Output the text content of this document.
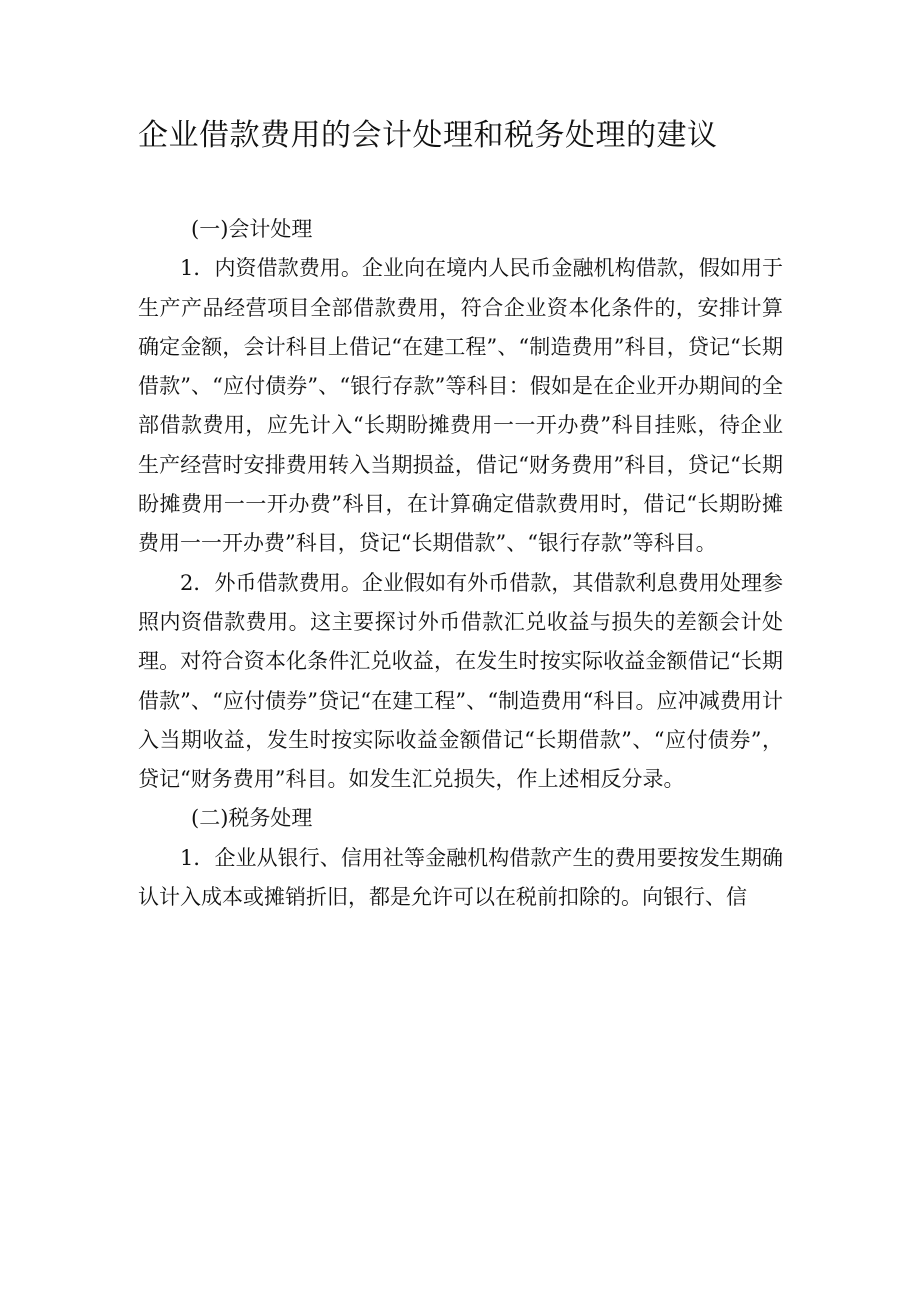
企业借款费用的会计处理和税务处理的建议

(一)会计处理

1．内资借款费用。企业向在境内人民币金融机构借款，假如用于生产产品经营项目全部借款费用，符合企业资本化条件的，安排计算确定金额，会计科目上借记“在建工程”、“制造费用”科目，贷记“长期借款”、“应付债券”、“银行存款”等科目：假如是在企业开办期间的全部借款费用，应先计入“长期盼摊费用一一开办费”科目挂账，待企业生产经营时安排费用转入当期损益，借记“财务费用”科目，贷记“长期盼摊费用一一开办费”科目，在计算确定借款费用时，借记“长期盼摊费用一一开办费”科目，贷记“长期借款”、“银行存款”等科目。

2．外币借款费用。企业假如有外币借款，其借款利息费用处理参照内资借款费用。这主要探讨外币借款汇兑收益与损失的差额会计处理。对符合资本化条件汇兑收益，在发生时按实际收益金额借记“长期借款”、“应付债券”贷记“在建工程”、“制造费用“科目。应冲减费用计入当期收益，发生时按实际收益金额借记“长期借款”、“应付债券”，贷记“财务费用”科目。如发生汇兑损失，作上述相反分录。

(二)税务处理

1．企业从银行、信用社等金融机构借款产生的费用要按发生期确认计入成本或摊销折旧，都是允许可以在税前扣除的。向银行、信
